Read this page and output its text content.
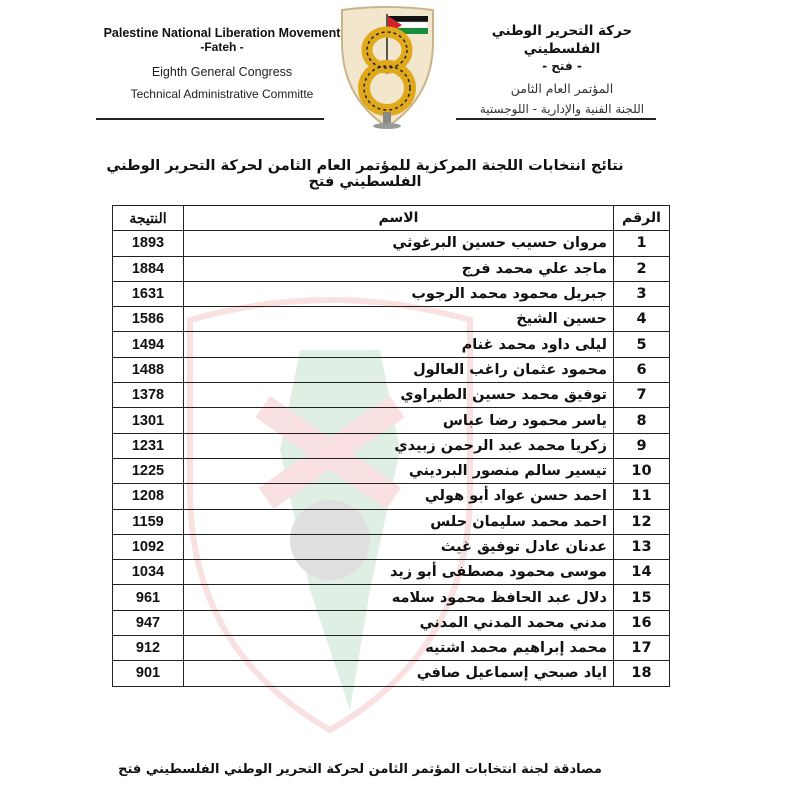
Palestine National Liberation Movement
-Fateh -
Eighth General Congress
Technical Administrative Committe
حركة التحرير الوطني الفلسطيني
- فتح -
المؤتمر العام الثامن
اللجنة الفنية والإدارية - اللوجستية
نتائج انتخابات اللجنة المركزية للمؤتمر العام الثامن لحركة التحرير الوطني الفلسطيني فتح
الرقم	الاسم	النتيجة
1	مروان حسيب حسين البرغوثي	1893
2	ماجد علي محمد فرج	1884
3	جبريل محمود محمد الرجوب	1631
4	حسين الشيخ	1586
5	ليلى داود محمد غنام	1494
6	محمود عثمان راغب العالول	1488
7	توفيق محمد حسين الطيراوي	1378
8	ياسر محمود رضا عباس	1301
9	زكريا محمد عبد الرحمن زبيدي	1231
10	تيسير سالم منصور البرديني	1225
11	احمد حسن عواد أبو هولي	1208
12	احمد محمد سليمان حلس	1159
13	عدنان عادل توفيق غيث	1092
14	موسى محمود مصطفى أبو زيد	1034
15	دلال عبد الحافظ محمود سلامه	961
16	مدني محمد المدني المدني	947
17	محمد إبراهيم محمد اشتيه	912
18	اياد صبحي إسماعيل صافي	901
مصادقة لجنة انتخابات المؤتمر الثامن لحركة التحرير الوطني الفلسطيني فتح
